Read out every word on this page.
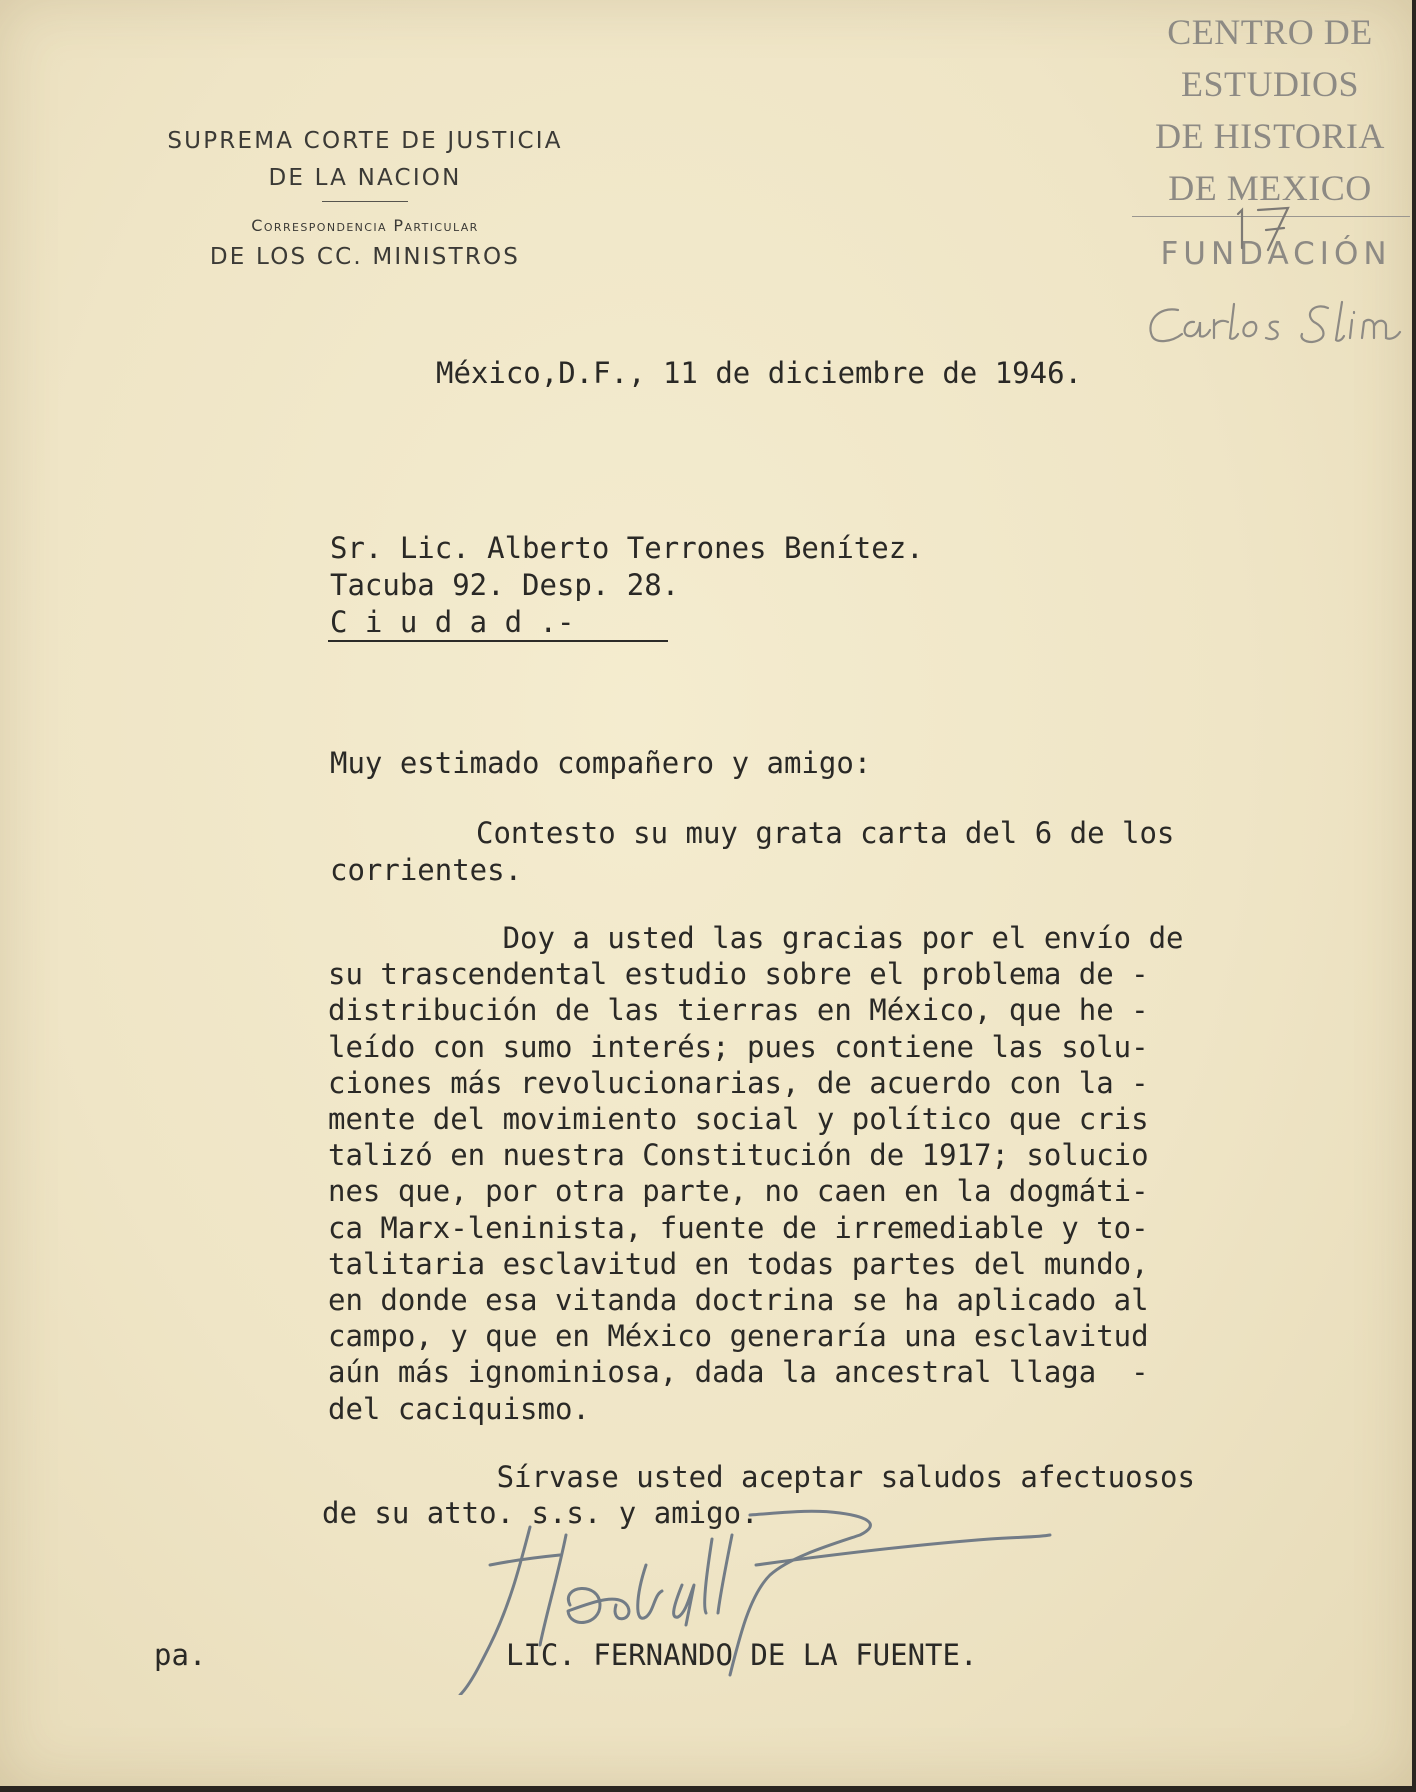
SUPREMA CORTE DE JUSTICIA
DE LA NACION
Correspondencia Particular
DE LOS CC. MINISTROS
CENTRO DE
ESTUDIOS
DE HISTORIA
DE MEXICO
FUNDACIÓN
México,D.F., 11 de diciembre de 1946.
Sr. Lic. Alberto Terrones Benítez.
Tacuba 92. Desp. 28.
C i u d a d .-
Muy estimado compañero y amigo:
Contesto su muy grata carta del 6 de los
corrientes.
Doy a usted las gracias por el envío de
su trascendental estudio sobre el problema de -
distribución de las tierras en México, que he -
leído con sumo interés; pues contiene las solu-
ciones más revolucionarias, de acuerdo con la -
mente del movimiento social y político que cris
talizó en nuestra Constitución de 1917; solucio
nes que, por otra parte, no caen en la dogmáti-
ca Marx-leninista, fuente de irremediable y to-
talitaria esclavitud en todas partes del mundo,
en donde esa vitanda doctrina se ha aplicado al
campo, y que en México generaría una esclavitud
aún más ignominiosa, dada la ancestral llaga  -
del caciquismo.
Sírvase usted aceptar saludos afectuosos
de su atto. s.s. y amigo.
LIC. FERNANDO DE LA FUENTE.
pa.
